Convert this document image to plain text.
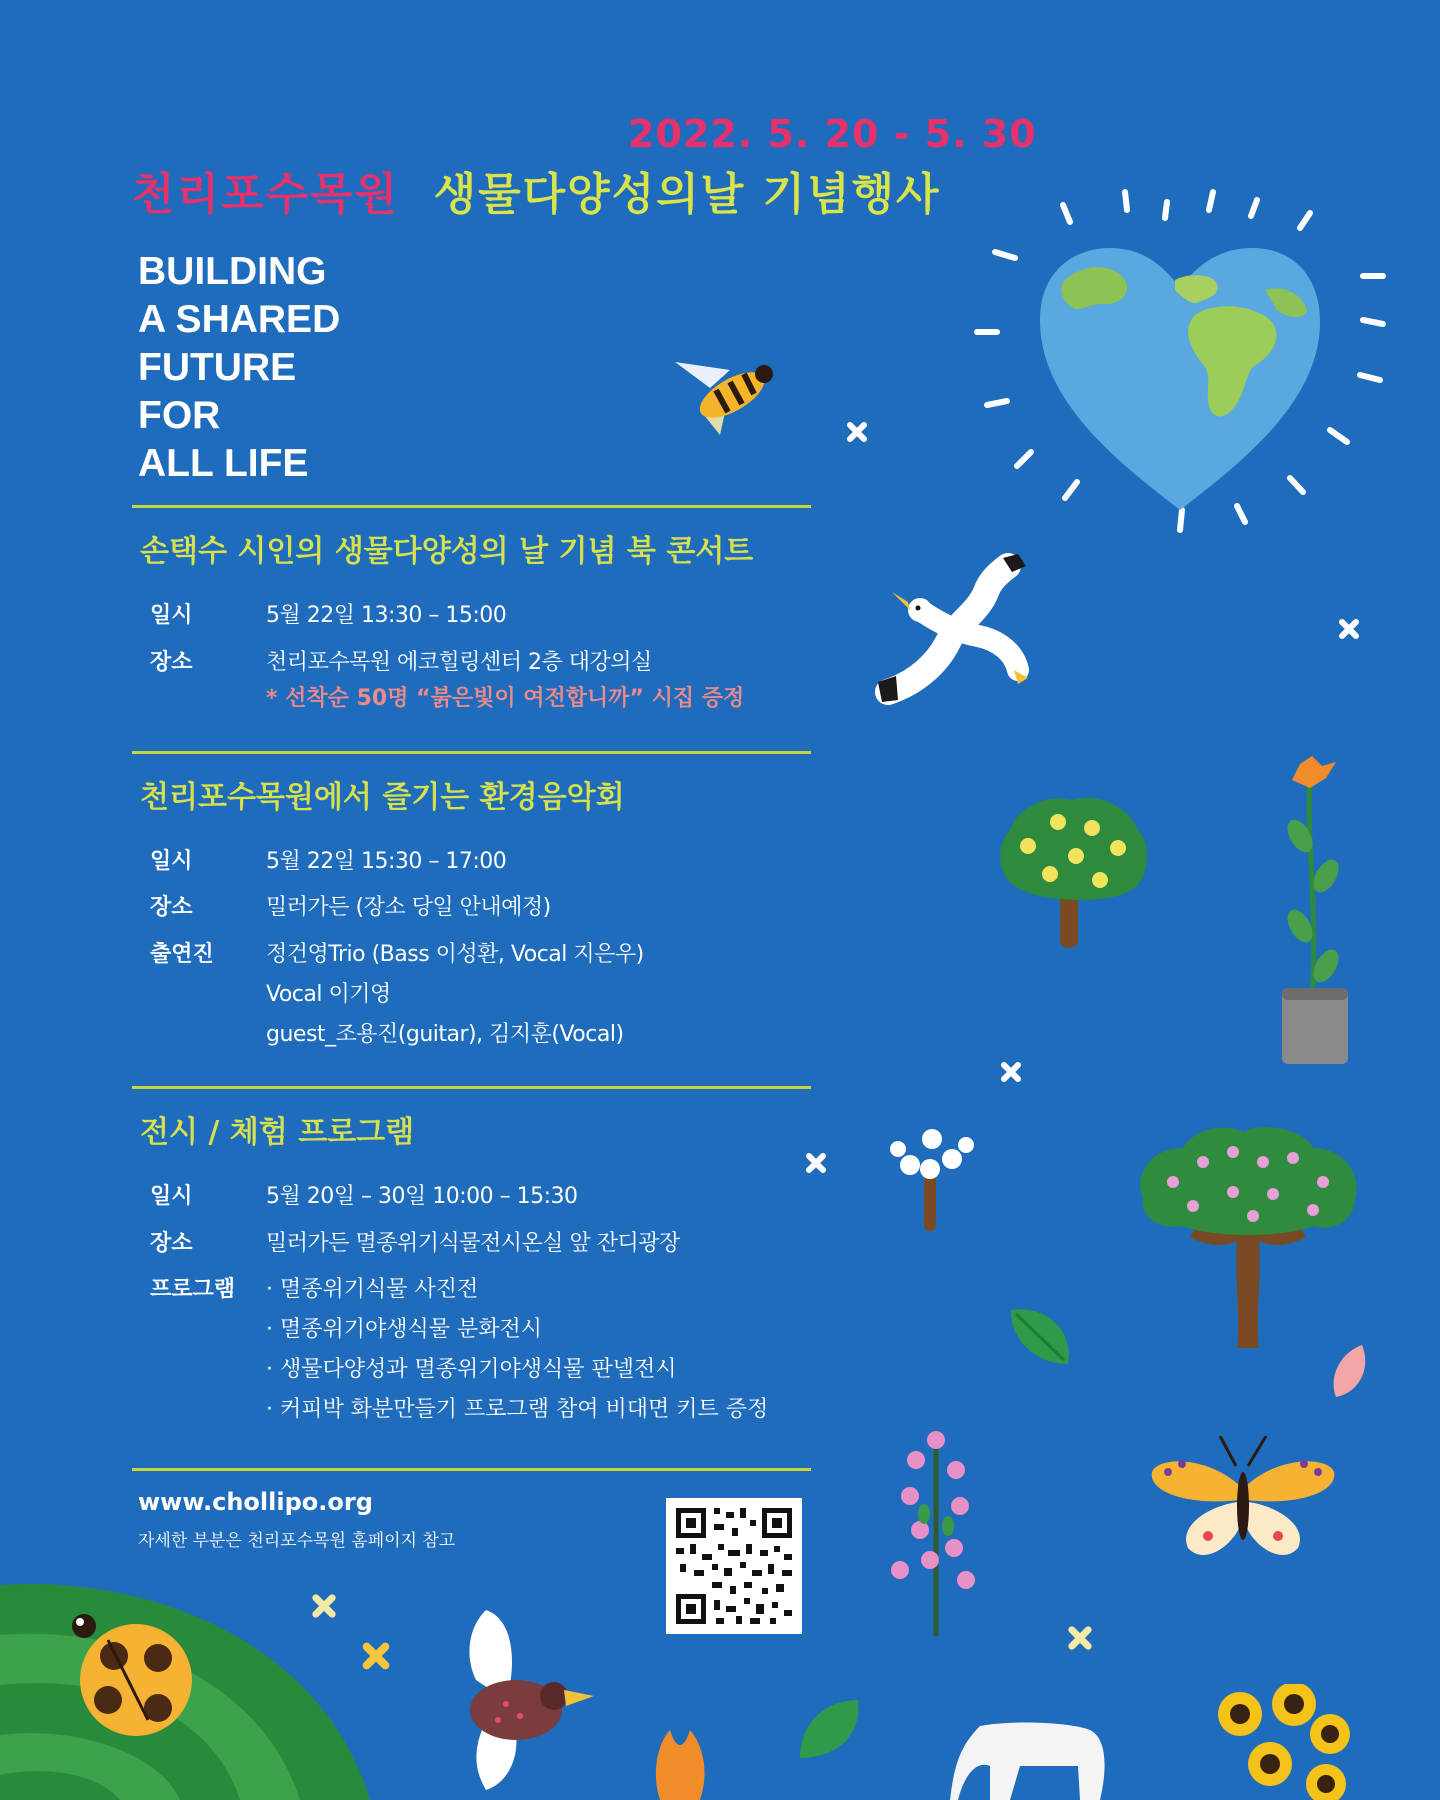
2022. 5. 20 - 5. 30
천리포수목원 생물다양성의날 기념행사
BUILDING
A SHARED
FUTURE
FOR
ALL LIFE
손택수 시인의 생물다양성의 날 기념 북 콘서트
일시	5월 22일 13:30 – 15:00
장소	천리포수목원 에코힐링센터 2층 대강의실
* 선착순 50명 “붉은빛이 여전합니까” 시집 증정
천리포수목원에서 즐기는 환경음악회
일시	5월 22일 15:30 – 17:00
장소	밀러가든 (장소 당일 안내예정)
출연진 정건영Trio (Bass 이성환, Vocal 지은우)
Vocal 이기영
guest_조용진(guitar), 김지훈(Vocal)
전시 / 체험 프로그램
일시	5월 20일 – 30일 10:00 – 15:30
장소	밀러가든 멸종위기식물전시온실 앞 잔디광장
프로그램 · 멸종위기식물 사진전
· 멸종위기야생식물 분화전시
· 생물다양성과 멸종위기야생식물 판넬전시
· 커피박 화분만들기 프로그램 참여 비대면 키트 증정
www.chollipo.org
자세한 부분은 천리포수목원 홈페이지 참고
